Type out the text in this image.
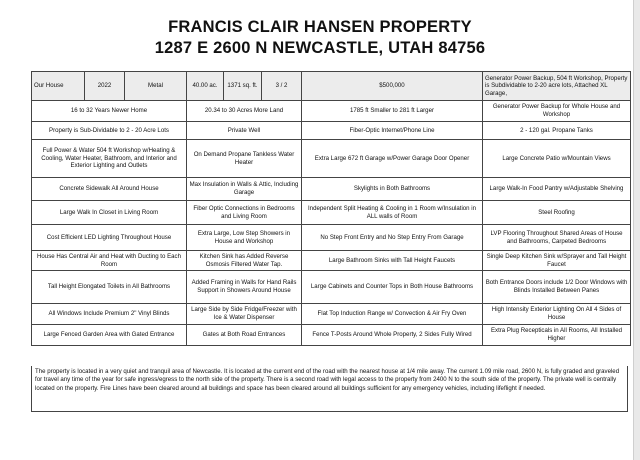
FRANCIS CLAIR HANSEN PROPERTY
1287 E 2600 N NEWCASTLE, UTAH 84756
Our House	2022	Metal	40.00 ac.	1371 sq. ft.	3 / 2	$500,000	Generator Power Backup, 504 ft Workshop, Property is Subdividable to 2-20 acre lots, Attached XL Garage,
16 to 32 Years Newer Home			20.34 to 30 Acres More Land			1785 ft Smaller to 281 ft Larger	Generator Power Backup for Whole House and Workshop
Property is Sub-Dividable to 2 - 20 Acre Lots			Private Well			Fiber-Optic Internet/Phone Line	2 - 120 gal. Propane Tanks
Full Power & Water 504 ft Workshop w/Heating & Cooling, Water Heater, Bathroom, and Interior and Exterior Lighting and Outlets			On Demand Propane Tankless Water Heater			Extra Large 672 ft Garage w/Power Garage Door Opener	Large Concrete Patio w/Mountain Views
Concrete Sidewalk All Around House			Max Insulation in Walls & Attic, Including Garage			Skylights in Both Bathrooms	Large Walk-In Food Pantry w/Adjustable Shelving
Large Walk In Closet in Living Room			Fiber Optic Connections in Bedrooms and Living Room			Independent Split Heating & Cooling in 1 Room w/Insulation in ALL walls of Room	Steel Roofing
Cost Efficient LED Lighting Throughout House			Extra Large, Low Step Showers in House and Workshop			No Step Front Entry and No Step Entry From Garage	LVP Flooring Throughout Shared Areas of House and Bathrooms, Carpeted Bedrooms
House Has Central Air and Heat with Ducting to Each Room			Kitchen Sink has Added Reverse Osmosis Filtered Water Tap.			Large Bathroom Sinks with Tall Height Faucets	Single Deep Kitchen Sink w/Sprayer and Tall Height Faucet
Tall Height Elongated Toilets in All Bathrooms			Added Framing in Walls for Hand Rails Support in Showers Around House			Large Cabinets and Counter Tops in Both House Bathrooms	Both Entrance Doors include 1/2 Door Windows with Blinds Installed Between Panes
All Windows Include Premium 2" Vinyl Blinds			Large Side by Side Fridge/Freezer with Ice & Water Dispenser			Flat Top Induction Range w/ Convection & Air Fry Oven	High Intensity Exterior Lighting On All 4 Sides of House
Large Fenced Garden Area with Gated Entrance			Gates at Both Road Entrances			Fence T-Posts Around Whole Property, 2 Sides Fully Wired	Extra Plug Recepticals in All Rooms, All Installed Higher
The property is located in a very quiet and tranquil area of Newcastle. It is located at the current end of the road with the nearest house at 1/4 mile away. The current 1.09 mile road, 2600 N, is fully graded and graveled for travel any time of the year for safe ingress/egress to the north side of the property. There is a second road with legal access to the property from 2400 N to the south side of the property. The private well is centrally located on the property. Fire Lines have been cleared around all buildings and space has been cleared around all buildings sufficient for any emergency vehicles, including lifeflight if needed.
